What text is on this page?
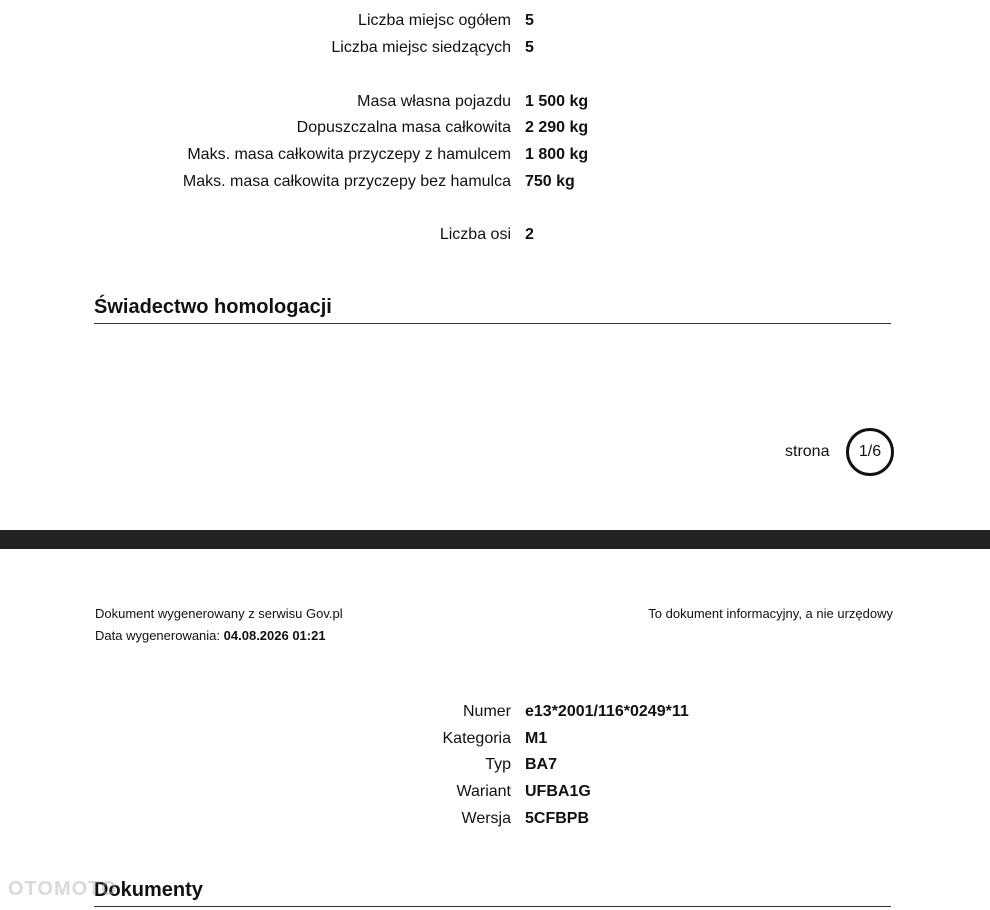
Liczba miejsc ogółem 5
Liczba miejsc siedzących 5
Masa własna pojazdu 1 500 kg
Dopuszczalna masa całkowita 2 290 kg
Maks. masa całkowita przyczepy z hamulcem 1 800 kg
Maks. masa całkowita przyczepy bez hamulca 750 kg
Liczba osi 2
Świadectwo homologacji
strona 1/6
Dokument wygenerowany z serwisu Gov.pl
Data wygenerowania: 04.08.2026 01:21
To dokument informacyjny, a nie urzędowy
Numer e13*2001/116*0249*11
Kategoria M1
Typ BA7
Wariant UFBA1G
Wersja 5CFBPB
Dokumenty
OTOMOTO
